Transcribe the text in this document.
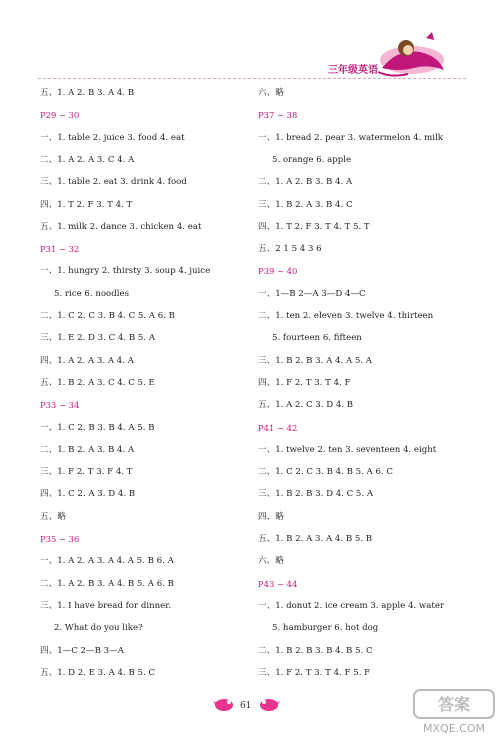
三年级英语
五、1. A 2. B 3. A 4. B
P29 ~ 30
一、1. table 2. juice 3. food 4. eat
二、1. A 2. A 3. C 4. A
三、1. table 2. eat 3. drink 4. food
四、1. T 2. F 3. T 4. T
五、1. milk 2. dance 3. chicken 4. eat
P31 ~ 32
一、1. hungry 2. thirsty 3. soup 4. juice
5. rice 6. noodles
二、1. C 2. C 3. B 4. C 5. A 6. B
三、1. E 2. D 3. C 4. B 5. A
四、1. A 2. A 3. A 4. A
五、1. B 2. A 3. C 4. C 5. E
P33 ~ 34
一、1. C 2. B 3. B 4. A 5. B
二、1. B 2. A 3. B 4. A
三、1. F 2. T 3. F 4. T
四、1. C 2. A 3. D 4. B
五、略
P35 ~ 36
一、1. A 2. A 3. A 4. A 5. B 6. A
二、1. A 2. B 3. A 4. B 5. A 6. B
三、1. I have bread for dinner.
2. What do you like?
四、1—C 2—B 3—A
五、1. D 2. E 3. A 4. B 5. C
六、略
P37 ~ 38
一、1. bread 2. pear 3. watermelon 4. milk
5. orange 6. apple
二、1. A 2. B 3. B 4. A
三、1. B 2. A 3. B 4. C
四、1. T 2. F 3. T 4. T 5. T
五、2 1 5 4 3 6
P39 ~ 40
一、1—B 2—A 3—D 4—C
二、1. ten 2. eleven 3. twelve 4. thirteen
5. fourteen 6. fifteen
三、1. B 2. B 3. A 4. A 5. A
四、1. F 2. T 3. T 4. F
五、1. A 2. C 3. D 4. B
P41 ~ 42
一、1. twelve 2. ten 3. seventeen 4. eight
二、1. C 2. C 3. B 4. B 5. A 6. C
三、1. B 2. B 3. D 4. C 5. A
四、略
五、1. B 2. A 3. A 4. B 5. B
六、略
P43 ~ 44
一、1. donut 2. ice cream 3. apple 4. water
5. hamburger 6. hot dog
二、1. B 2. B 3. B 4. B 5. C
三、1. F 2. T 3. T 4. F 5. F
61	答案
MXQE.COM
